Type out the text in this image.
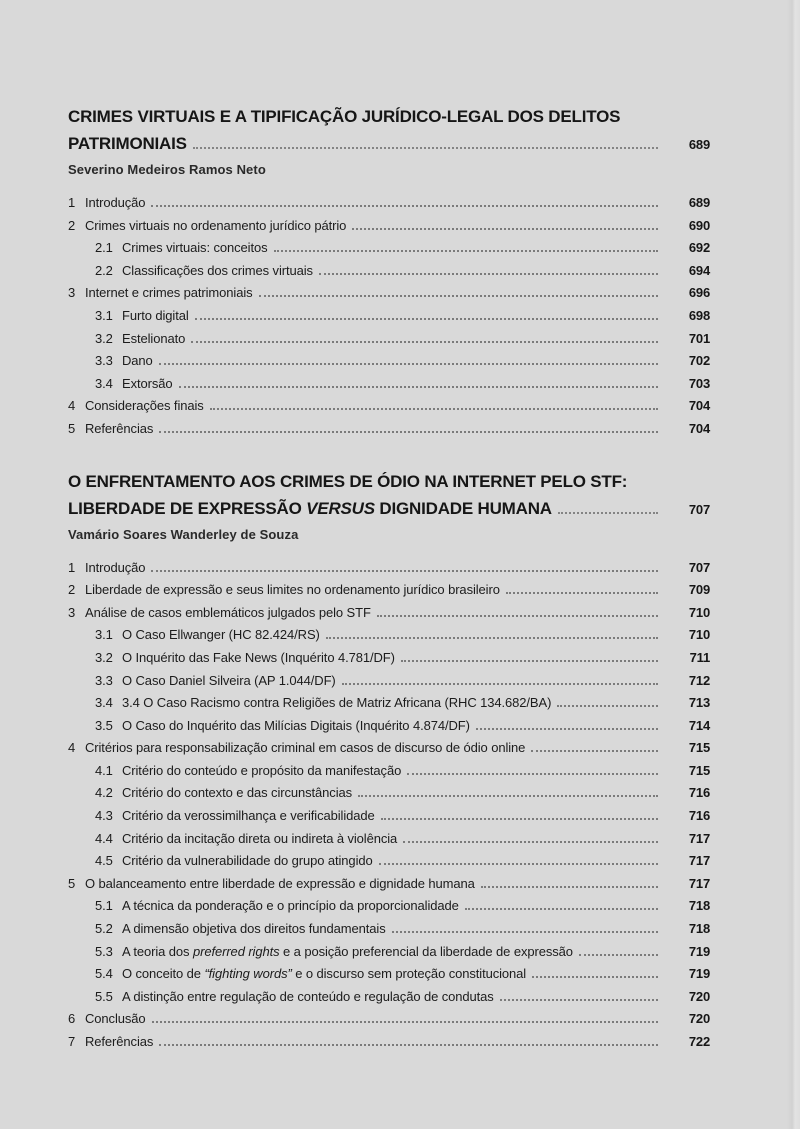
CRIMES VIRTUAIS E A TIPIFICAÇÃO JURÍDICO-LEGAL DOS DELITOS
PATRIMONIAIS	689
Severino Medeiros Ramos Neto
1 Introdução	689
2 Crimes virtuais no ordenamento jurídico pátrio	690
2.1 Crimes virtuais: conceitos	692
2.2 Classificações dos crimes virtuais	694
3 Internet e crimes patrimoniais	696
3.1 Furto digital	698
3.2 Estelionato	701
3.3 Dano	702
3.4 Extorsão	703
4 Considerações finais	704
5 Referências	704
O ENFRENTAMENTO AOS CRIMES DE ÓDIO NA INTERNET PELO STF:
LIBERDADE DE EXPRESSÃO VERSUS DIGNIDADE HUMANA	707
Vamário Soares Wanderley de Souza
1 Introdução	707
2 Liberdade de expressão e seus limites no ordenamento jurídico brasileiro	709
3 Análise de casos emblemáticos julgados pelo STF	710
3.1 O Caso Ellwanger (HC 82.424/RS)	710
3.2 O Inquérito das Fake News (Inquérito 4.781/DF)	711
3.3 O Caso Daniel Silveira (AP 1.044/DF)	712
3.4 3.4 O Caso Racismo contra Religiões de Matriz Africana (RHC 134.682/BA)	713
3.5 O Caso do Inquérito das Milícias Digitais (Inquérito 4.874/DF)	714
4 Critérios para responsabilização criminal em casos de discurso de ódio online	715
4.1 Critério do conteúdo e propósito da manifestação	715
4.2 Critério do contexto e das circunstâncias	716
4.3 Critério da verossimilhança e verificabilidade	716
4.4 Critério da incitação direta ou indireta à violência	717
4.5 Critério da vulnerabilidade do grupo atingido	717
5 O balanceamento entre liberdade de expressão e dignidade humana	717
5.1 A técnica da ponderação e o princípio da proporcionalidade	718
5.2 A dimensão objetiva dos direitos fundamentais	718
5.3 A teoria dos preferred rights e a posição preferencial da liberdade de expressão	719
5.4 O conceito de “fighting words” e o discurso sem proteção constitucional	719
5.5 A distinção entre regulação de conteúdo e regulação de condutas	720
6 Conclusão	720
7 Referências	722
